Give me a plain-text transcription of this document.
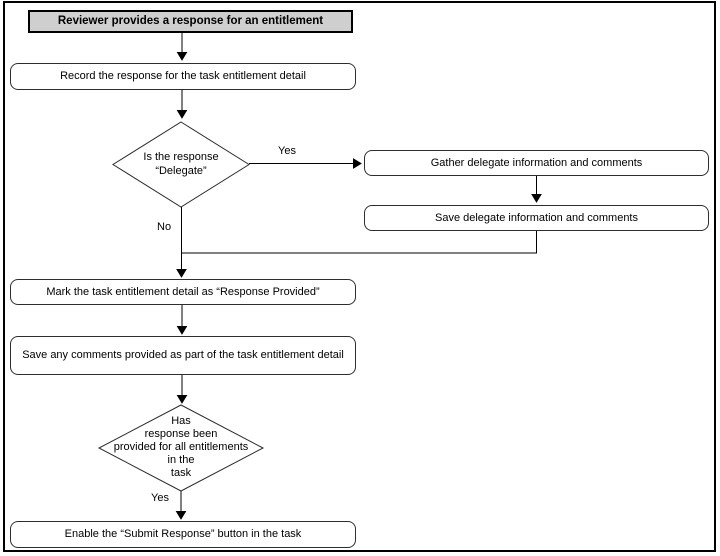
Reviewer provides a response for an entitlement
Record the response for the task entitlement detail
Is the response
“Delegate”
Gather delegate information and comments
Save delegate information and comments
Mark the task entitlement detail as “Response Provided”
Save any comments provided as part of the task entitlement detail
Has
response been
provided for all entitlements
in the
task
Enable the “Submit Response” button in the task
Yes
No
Yes
